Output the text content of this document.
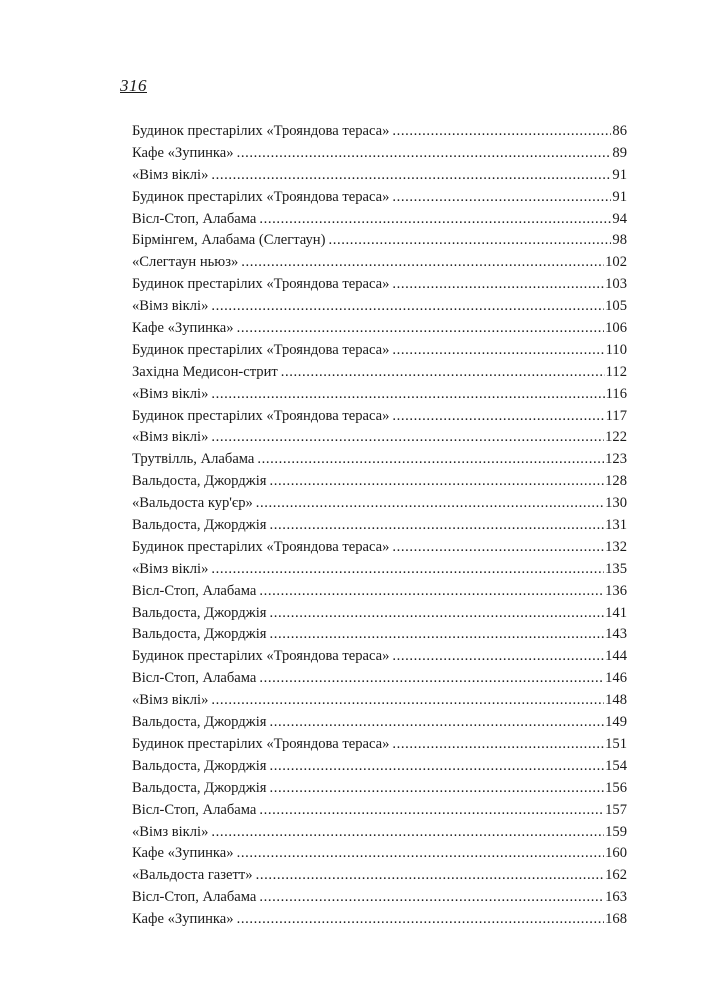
316
Будинок престарілих «Трояндова тераса» .....	86
Кафе «Зупинка» .....	89
«Вімз віклі» .....	91
Будинок престарілих «Трояндова тераса» .....	91
Вісл-Стоп, Алабама .....	94
Бірмінгем, Алабама (Слегтаун) .....	98
«Слегтаун ньюз» .....	102
Будинок престарілих «Трояндова тераса» .....	103
«Вімз віклі» .....	105
Кафе «Зупинка» .....	106
Будинок престарілих «Трояндова тераса» .....	110
Західна Медисон-стрит .....	112
«Вімз віклі» .....	116
Будинок престарілих «Трояндова тераса» .....	117
«Вімз віклі» .....	122
Трутвілль, Алабама .....	123
Вальдоста, Джорджія .....	128
«Вальдоста кур'єр» .....	130
Вальдоста, Джорджія .....	131
Будинок престарілих «Трояндова тераса» .....	132
«Вімз віклі» .....	135
Вісл-Стоп, Алабама .....	136
Вальдоста, Джорджія .....	141
Вальдоста, Джорджія .....	143
Будинок престарілих «Трояндова тераса» .....	144
Вісл-Стоп, Алабама .....	146
«Вімз віклі» .....	148
Вальдоста, Джорджія .....	149
Будинок престарілих «Трояндова тераса» .....	151
Вальдоста, Джорджія .....	154
Вальдоста, Джорджія .....	156
Вісл-Стоп, Алабама .....	157
«Вімз віклі» .....	159
Кафе «Зупинка» .....	160
«Вальдоста газетт» .....	162
Вісл-Стоп, Алабама .....	163
Кафе «Зупинка» .....	168
